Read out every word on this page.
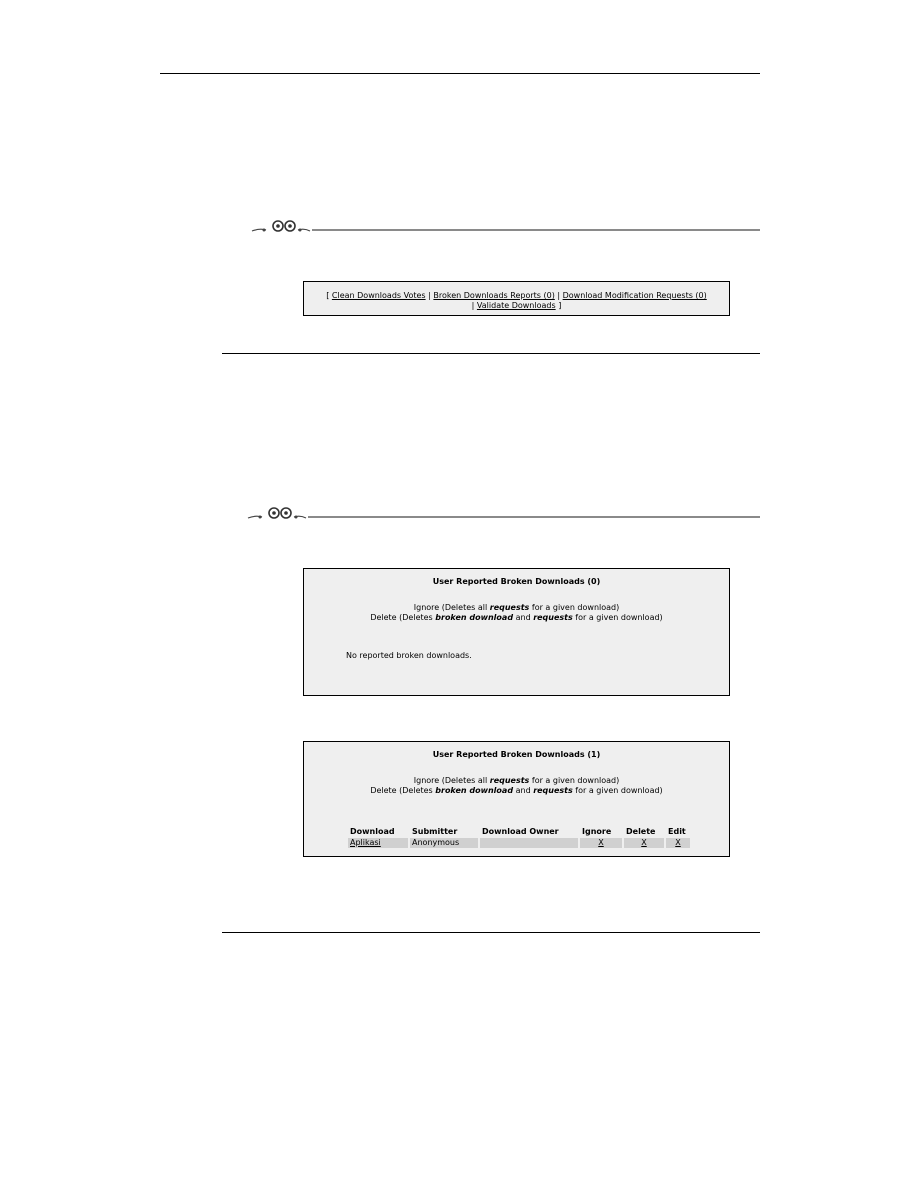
[ Clean Downloads Votes | Broken Downloads Reports (0) | Download Modification Requests (0)
| Validate Downloads ]
User Reported Broken Downloads (0)
Ignore (Deletes all requests for a given download)
Delete (Deletes broken download and requests for a given download)
No reported broken downloads.
User Reported Broken Downloads (1)
Ignore (Deletes all requests for a given download)
Delete (Deletes broken download and requests for a given download)
Download	Submitter	Download Owner	Ignore	Delete	Edit
Aplikasi	Anonymous		X	X	X
